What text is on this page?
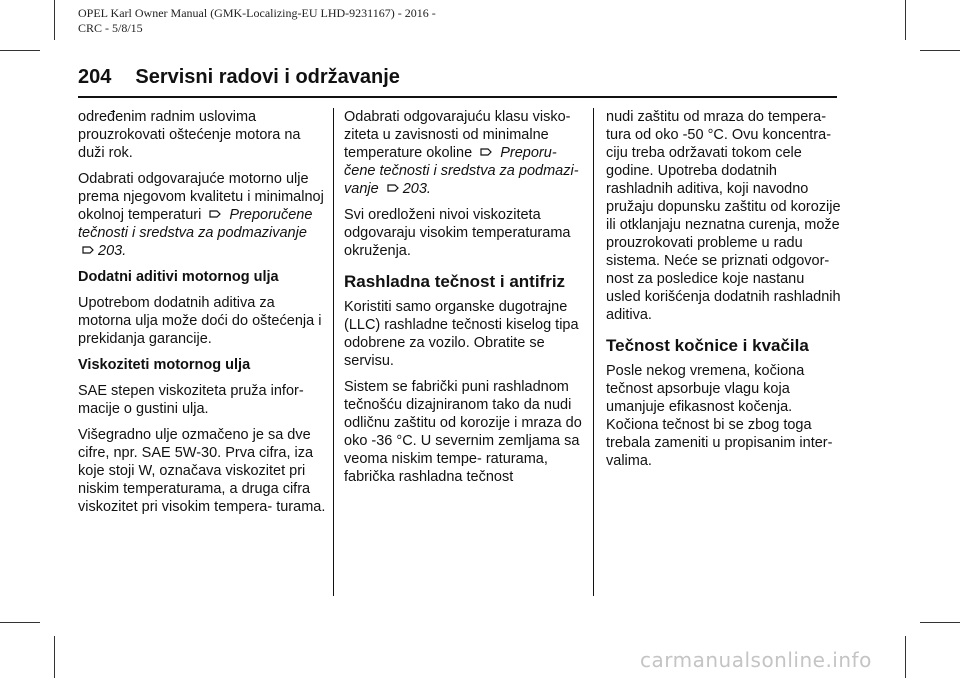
OPEL Karl Owner Manual (GMK-Localizing-EU LHD-9231167) - 2016 -
CRC - 5/8/15
204 Servisni radovi i održavanje

određenim radnim uslovima prouzrokovati oštećenje motora na duži rok.

Odabrati odgovarajuće motorno ulje prema njegovom kvalitetu i minimalnoj okolnoj temperaturi Preporučene tečnosti i sredstva za podmazivanje
203.

Dodatni aditivi motornog ulja

Upotrebom dodatnih aditiva za motorna ulja može doći do oštećenja i prekidanja garancije.

Viskoziteti motornog ulja

SAE stepen viskoziteta pruža infor- macije o gustini ulja.

Višegradno ulje ozmačeno je sa dve cifre, npr. SAE 5W-30. Prva cifra, iza koje stoji W, označava viskozitet pri niskim temperaturama, a druga cifra viskozitet pri visokim tempera- turama.

Odabrati odgovarajuću klasu visko- ziteta u zavisnosti od minimalne temperature okoline Preporu- čene tečnosti i sredstva za podmazi- vanje 203.

Svi oredloženi nivoi viskoziteta odgovaraju visokim temperaturama okruženja.

Rashladna tečnost i antifriz

Koristiti samo organske dugotrajne (LLC) rashladne tečnosti kiselog tipa odobrene za vozilo. Obratite se servisu.

Sistem se fabrički puni rashladnom tečnošću dizajniranom tako da nudi odličnu zaštitu od korozije i mraza do oko -36 °C. U severnim zemljama sa veoma niskim tempe- raturama, fabrička rashladna tečnost

nudi zaštitu od mraza do tempera- tura od oko -50 °C. Ovu koncentra- ciju treba održavati tokom cele godine. Upotreba dodatnih rashladnih aditiva, koji navodno pružaju dopunsku zaštitu od korozije ili otklanjaju neznatna curenja, može prouzrokovati probleme u radu sistema. Neće se priznati odgovor- nost za posledice koje nastanu usled korišćenja dodatnih rashladnih aditiva.

Tečnost kočnice i kvačila

Posle nekog vremena, kočiona tečnost apsorbuje vlagu koja umanjuje efikasnost kočenja. Kočiona tečnost bi se zbog toga trebala zameniti u propisanim inter- valima.

carmanualsonline.info
